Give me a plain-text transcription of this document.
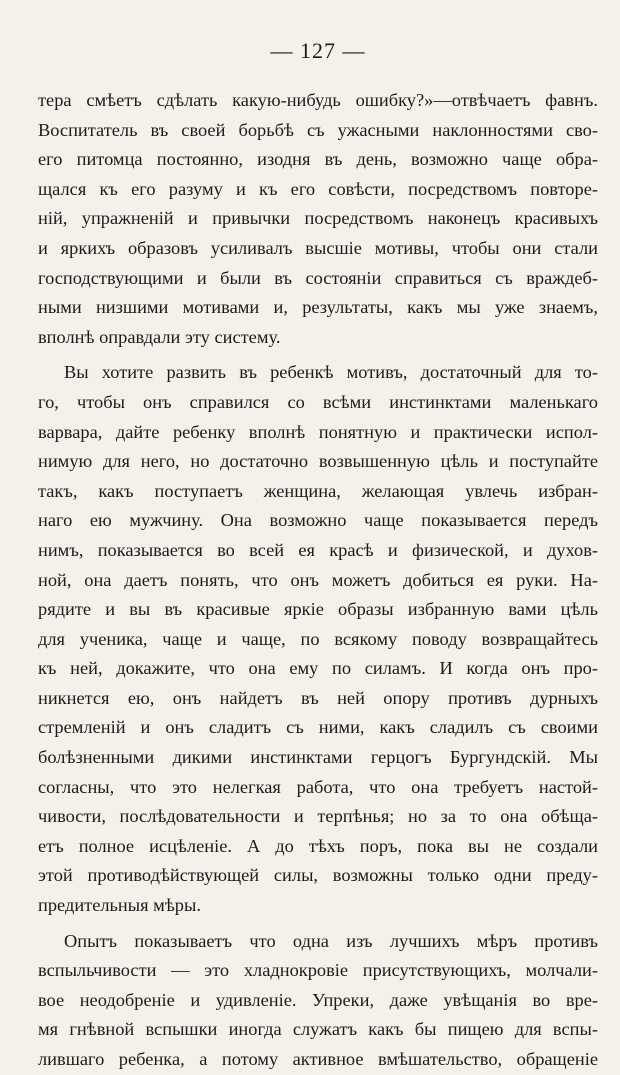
— 127 —
тера смѣетъ сдѣлать какую-нибудь ошибку?»—отвѣчаетъ фавнъ.
Воспитатель въ своей борьбѣ съ ужасными наклонностями сво-
его питомца постоянно, изодня въ день, возможно чаще обра-
щался къ его разуму и къ его совѣсти, посредствомъ повторе-
ній, упражненій и привычки посредствомъ наконецъ красивыхъ
и яркихъ образовъ усиливалъ высшіе мотивы, чтобы они стали
господствующими и были въ состояніи справиться съ враждеб-
ными низшими мотивами и, результаты, какъ мы уже знаемъ,
вполнѣ оправдали эту систему.
Вы хотите развить въ ребенкѣ мотивъ, достаточный для то-
го, чтобы онъ справился со всѣми инстинктами маленькаго
варвара, дайте ребенку вполнѣ понятную и практически испол-
нимую для него, но достаточно возвышенную цѣль и поступайте
такъ, какъ поступаетъ женщина, желающая увлечь избран-
наго ею мужчину. Она возможно чаще показывается передъ
нимъ, показывается во всей ея красѣ и физической, и духов-
ной, она даетъ понять, что онъ можетъ добиться ея руки. На-
рядите и вы въ красивые яркіе образы избранную вами цѣль
для ученика, чаще и чаще, по всякому поводу возвращайтесь
къ ней, докажите, что она ему по силамъ. И когда онъ про-
никнется ею, онъ найдетъ въ ней опору противъ дурныхъ
стремленій и онъ сладитъ съ ними, какъ сладилъ съ своими
болѣзненными дикими инстинктами герцогъ Бургундскій. Мы
согласны, что это нелегкая работа, что она требуетъ настой-
чивости, послѣдовательности и терпѣнья; но за то она обѣща-
етъ полное исцѣленіе. А до тѣхъ поръ, пока вы не создали
этой противодѣйствующей силы, возможны только одни преду-
предительныя мѣры.
Опытъ показываетъ что одна изъ лучшихъ мѣръ противъ
вспыльчивости — это хладнокровіе присутствующихъ, молчали-
вое неодобреніе и удивленіе. Упреки, даже увѣщанія во вре-
мя гнѣвной вспышки иногда служатъ какъ бы пищею для вспы-
лившаго ребенка, а потому активное вмѣшательство, обращеніе
